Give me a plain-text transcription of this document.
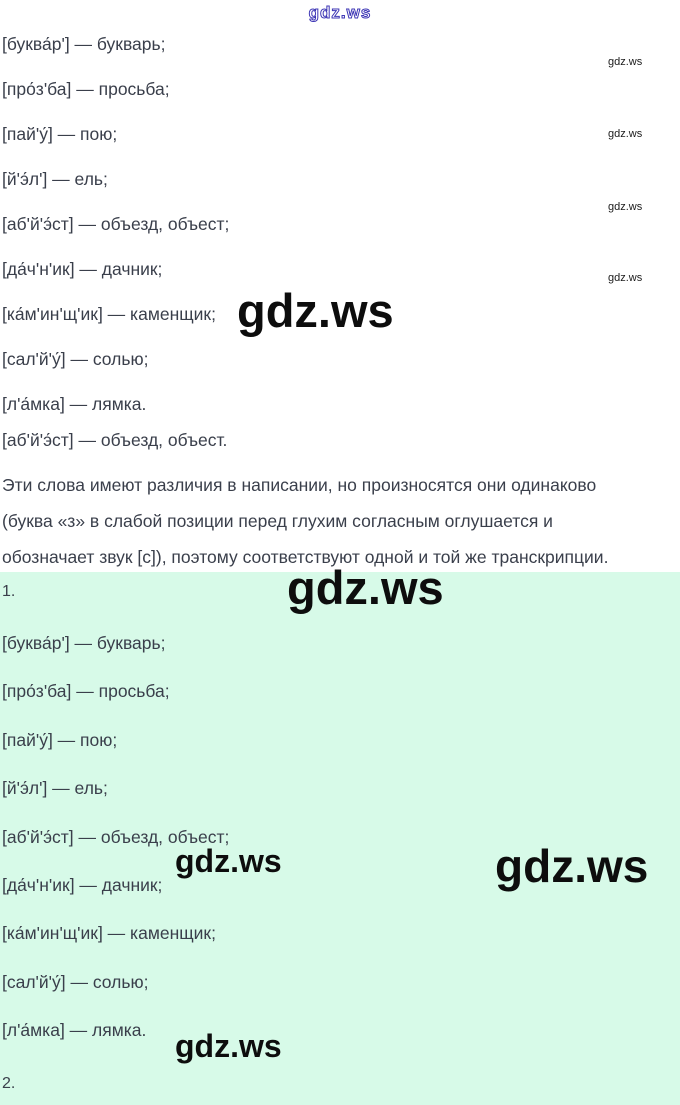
gdz.ws
[буква́р'] — букварь;
[про́з'ба] — просьба;
[пай'у́] — пою;
[й'э́л'] — ель;
[аб'й'э́ст] — объезд, объест;
[да́ч'н'ик] — дачник;
[ка́м'ин'щ'ик] — каменщик;
[сал'й'у́] — солью;
[л'а́мка] — лямка.
[аб'й'э́ст] — объезд, объест.
gdz.ws
gdz.ws
gdz.ws
gdz.ws
gdz.ws
Эти слова имеют различия в написании, но произносятся они одинаково
(буква «з» в слабой позиции перед глухим согласным оглушается и
обозначает звук [с]), поэтому соответствуют одной и той же транскрипции.
1.	gdz.ws
[буква́р'] — букварь;
[про́з'ба] — просьба;
[пай'у́] — пою;
[й'э́л'] — ель;
[аб'й'э́ст] — объезд, объест;
[да́ч'н'ик] — дачник;
[ка́м'ин'щ'ик] — каменщик;
[сал'й'у́] — солью;
[л'а́мка] — лямка.
gdz.ws	gdz.ws
gdz.ws
2.
